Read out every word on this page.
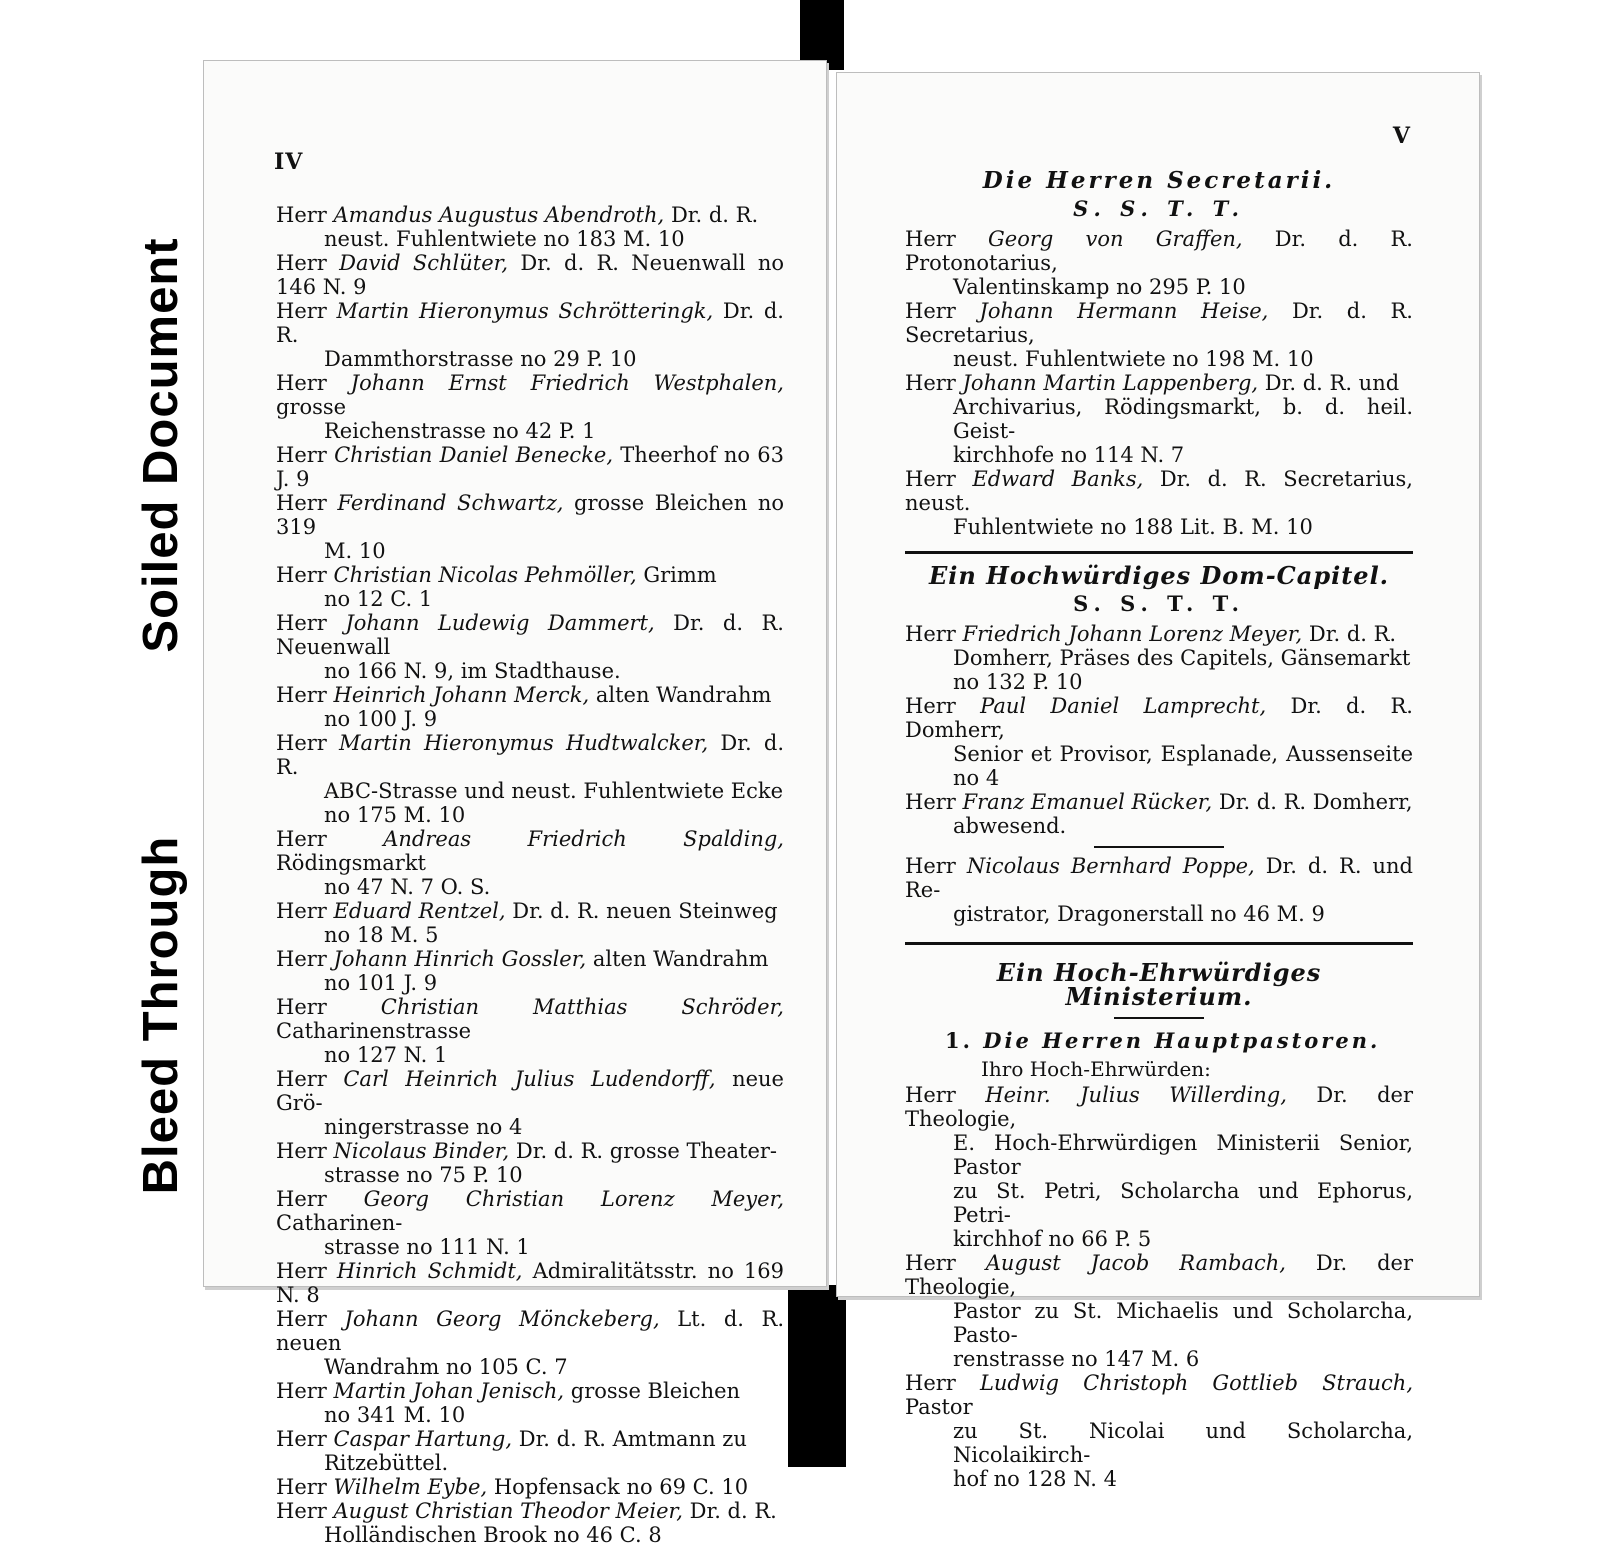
Soiled Document
Bleed Through
IV
Herr Amandus Augustus Abendroth, Dr. d. R.
neust. Fuhlentwiete no 183 M. 10
Herr David Schlüter, Dr. d. R. Neuenwall no 146 N. 9
Herr Martin Hieronymus Schrötteringk, Dr. d. R.
Dammthorstrasse no 29 P. 10
Herr Johann Ernst Friedrich Westphalen, grosse
Reichenstrasse no 42 P. 1
Herr Christian Daniel Benecke, Theerhof no 63 J. 9
Herr Ferdinand Schwartz, grosse Bleichen no 319
M. 10
Herr Christian Nicolas Pehmöller, Grimm
no 12 C. 1
Herr Johann Ludewig Dammert, Dr. d. R. Neuenwall
no 166 N. 9, im Stadthause.
Herr Heinrich Johann Merck, alten Wandrahm
no 100 J. 9
Herr Martin Hieronymus Hudtwalcker, Dr. d. R.
ABC-Strasse und neust. Fuhlentwiete Ecke
no 175 M. 10
Herr	Andreas Friedrich Spalding, Rödingsmarkt
no 47 N. 7 O. S.
Herr Eduard Rentzel, Dr. d. R. neuen Steinweg
no 18 M. 5
Herr Johann Hinrich Gossler, alten Wandrahm
no 101 J. 9
Herr	Christian Matthias Schröder, Catharinenstrasse
no 127 N. 1
Herr Carl Heinrich Julius Ludendorff, neue Grö-
ningerstrasse no 4
Herr Nicolaus Binder, Dr. d. R. grosse Theater-
strasse no 75 P. 10
Herr Georg Christian Lorenz Meyer, Catharinen-
strasse no 111 N. 1
Herr Hinrich Schmidt, Admiralitätsstr. no 169 N. 8
Herr Johann Georg Mönckeberg, Lt. d. R. neuen
Wandrahm no 105 C. 7
Herr Martin Johan Jenisch, grosse Bleichen
no 341 M. 10
Herr Caspar Hartung, Dr. d. R. Amtmann zu
Ritzebüttel.
Herr Wilhelm Eybe, Hopfensack no 69 C. 10
Herr August Christian Theodor Meier, Dr. d. R.
Holländischen Brook no 46 C. 8
V
Die Herren Secretarii.
S. S. T. T.
Herr Georg von Graffen, Dr. d. R. Protonotarius,
Valentinskamp no 295 P. 10
Herr Johann Hermann Heise, Dr. d. R. Secretarius,
neust. Fuhlentwiete no 198 M. 10
Herr Johann Martin Lappenberg, Dr. d. R. und
Archivarius, Rödingsmarkt, b. d. heil. Geist-
kirchhofe no 114 N. 7
Herr Edward Banks, Dr. d. R. Secretarius, neust.
Fuhlentwiete no 188 Lit. B. M. 10
Ein Hochwürdiges Dom-Capitel.
S. S. T. T.
Herr Friedrich Johann Lorenz Meyer, Dr. d. R.
Domherr, Präses des Capitels, Gänsemarkt
no 132 P. 10
Herr Paul Daniel Lamprecht, Dr. d. R. Domherr,
Senior et Provisor, Esplanade, Aussenseite no 4
Herr Franz Emanuel Rücker, Dr. d. R. Domherr,
abwesend.
Herr Nicolaus Bernhard Poppe, Dr. d. R. und Re-
gistrator, Dragonerstall no 46 M. 9
Ein Hoch-Ehrwürdiges Ministerium.
1. Die Herren Hauptpastoren.
Ihro Hoch-Ehrwürden:
Herr Heinr. Julius Willerding, Dr. der Theologie,
E. Hoch-Ehrwürdigen Ministerii Senior, Pastor
zu St. Petri, Scholarcha und Ephorus, Petri-
kirchhof no 66 P. 5
Herr August Jacob Rambach, Dr. der Theologie,
Pastor zu St. Michaelis und Scholarcha, Pasto-
renstrasse no 147 M. 6
Herr Ludwig Christoph Gottlieb Strauch, Pastor
zu St. Nicolai und Scholarcha, Nicolaikirch-
hof no 128 N. 4
